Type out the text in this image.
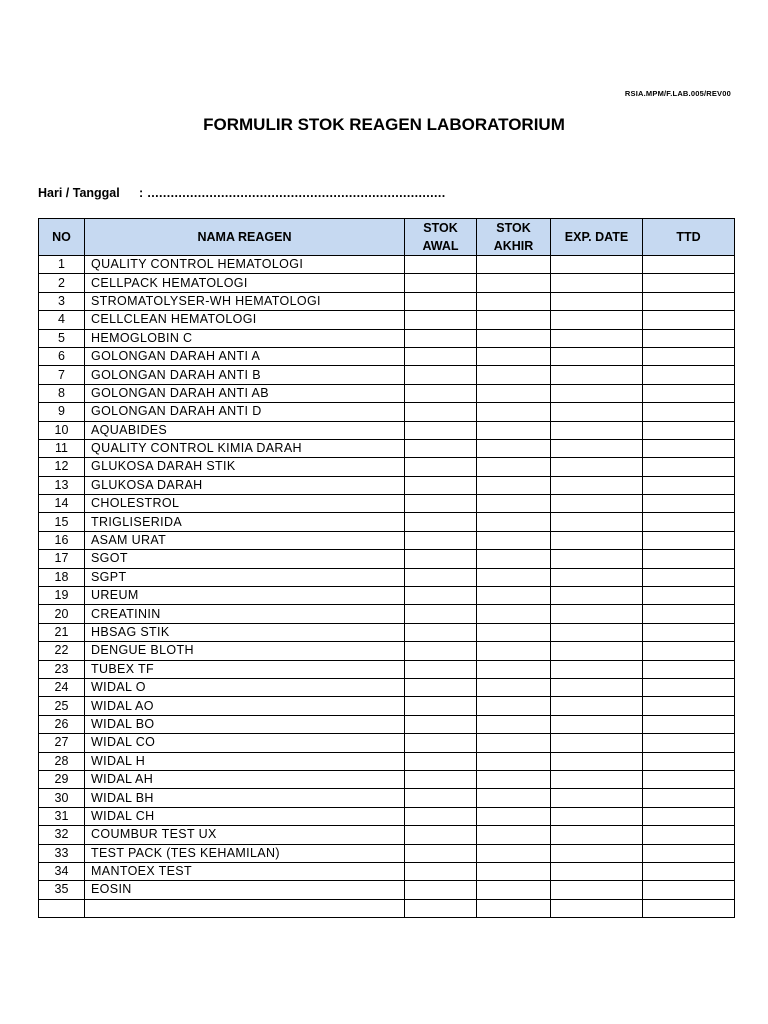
RSIA.MPM/F.LAB.005/REV00
FORMULIR STOK REAGEN LABORATORIUM
Hari / Tanggal : .............................................................................
NO	NAMA REAGEN	STOK AWAL	STOK AKHIR	EXP. DATE	TTD
1	QUALITY CONTROL HEMATOLOGI				
2	CELLPACK HEMATOLOGI				
3	STROMATOLYSER-WH HEMATOLOGI				
4	CELLCLEAN HEMATOLOGI				
5	HEMOGLOBIN C				
6	GOLONGAN DARAH ANTI A				
7	GOLONGAN DARAH ANTI B				
8	GOLONGAN DARAH ANTI AB				
9	GOLONGAN DARAH ANTI D				
10	AQUABIDES				
11	QUALITY CONTROL KIMIA DARAH				
12	GLUKOSA DARAH STIK				
13	GLUKOSA DARAH				
14	CHOLESTROL				
15	TRIGLISERIDA				
16	ASAM URAT				
17	SGOT				
18	SGPT				
19	UREUM				
20	CREATININ				
21	HBSAG STIK				
22	DENGUE BLOTH				
23	TUBEX TF				
24	WIDAL O				
25	WIDAL AO				
26	WIDAL BO				
27	WIDAL CO				
28	WIDAL H				
29	WIDAL AH				
30	WIDAL BH				
31	WIDAL CH				
32	COUMBUR TEST UX				
33	TEST PACK (TES KEHAMILAN)				
34	MANTOEX TEST				
35	EOSIN				
